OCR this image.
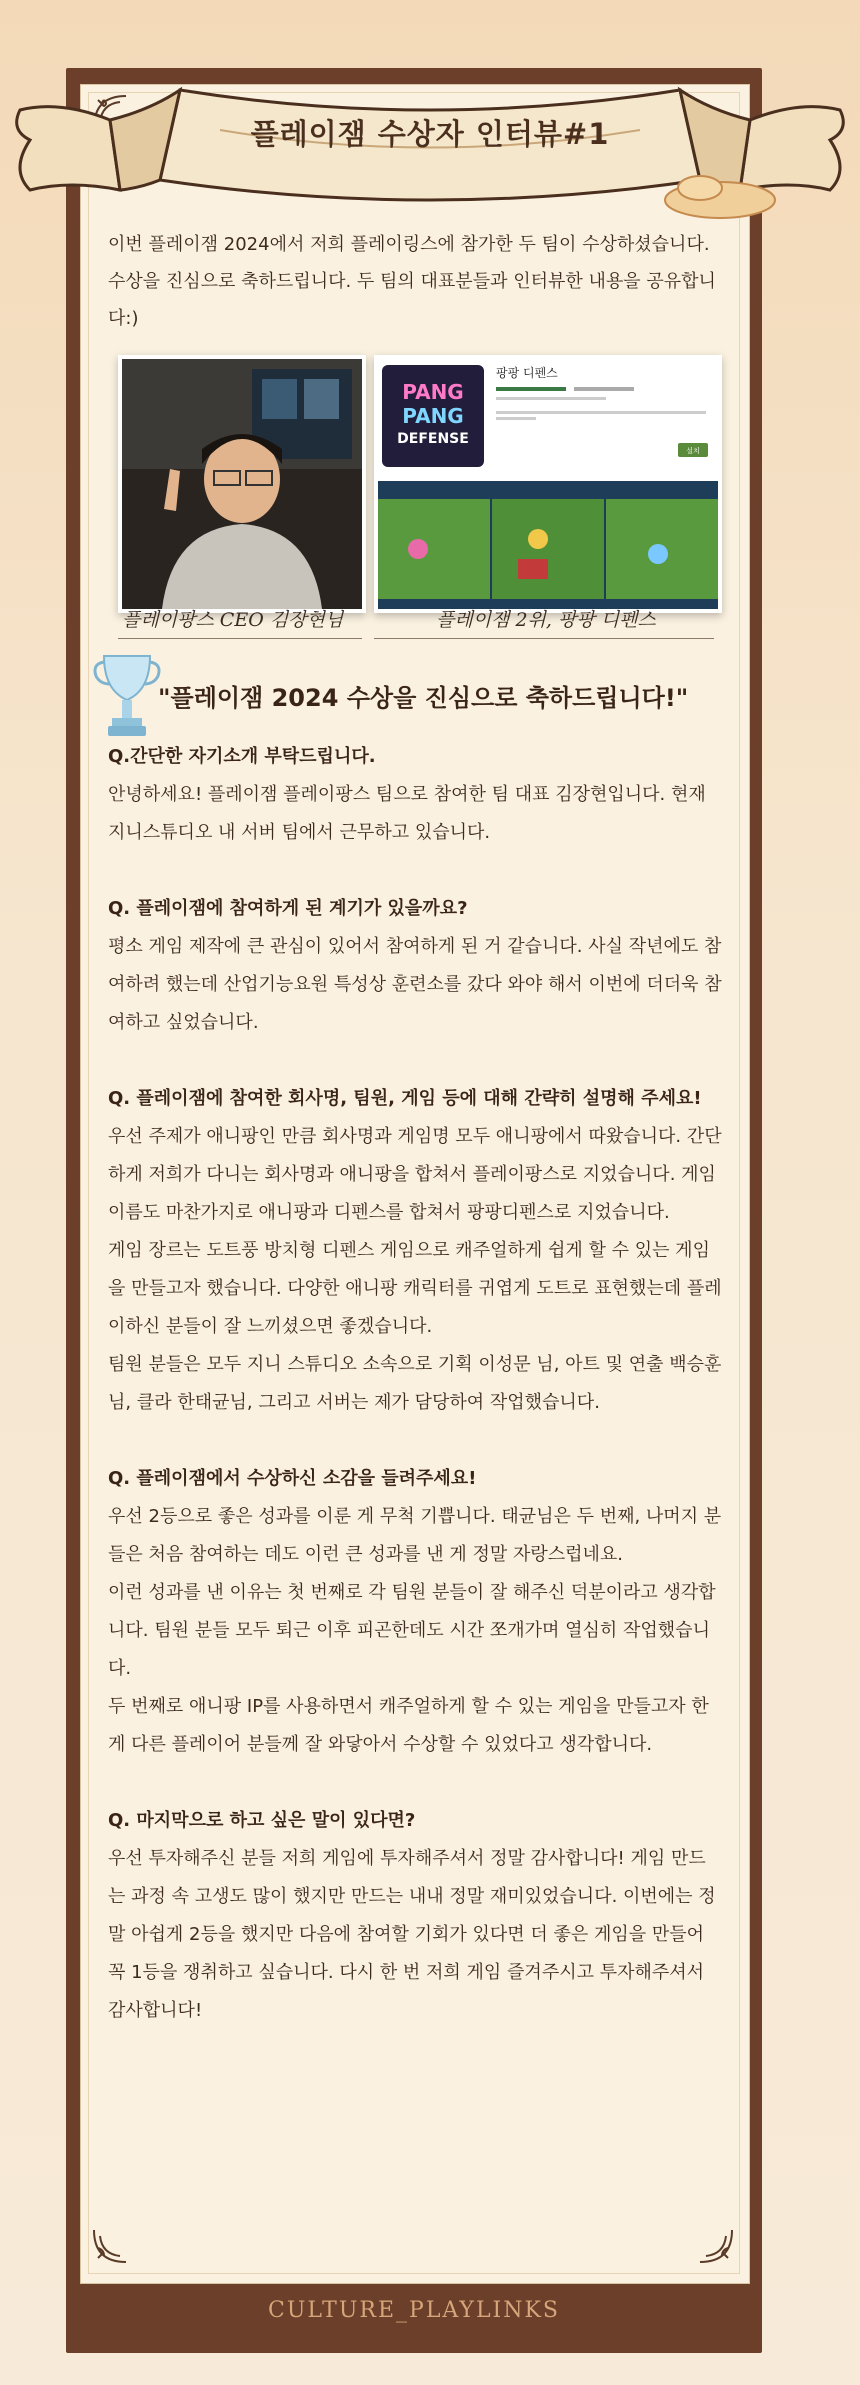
플레이잼 수상자 인터뷰#1
이번 플레이잼 2024에서 저희 플레이링스에 참가한 두 팀이 수상하셨습니다. 수상을 진심으로 축하드립니다. 두 팀의 대표분들과 인터뷰한 내용을 공유합니다:)
PANG
PANG
DEFENSE
팡팡 디펜스
설치
플레이팡스 CEO 김장현님	플레이잼 2위, 팡팡 디펜스
"플레이잼 2024 수상을 진심으로 축하드립니다!"
Q.간단한 자기소개 부탁드립니다.
안녕하세요! 플레이잼 플레이팡스 팀으로 참여한 팀 대표 김장현입니다. 현재 지니스튜디오 내 서버 팀에서 근무하고 있습니다.
Q. 플레이잼에 참여하게 된 계기가 있을까요?
평소 게임 제작에 큰 관심이 있어서 참여하게 된 거 같습니다. 사실 작년에도 참여하려 했는데 산업기능요원 특성상 훈련소를 갔다 와야 해서 이번에 더더욱 참여하고 싶었습니다.
Q. 플레이잼에 참여한 회사명, 팀원, 게임 등에 대해 간략히 설명해 주세요!
우선 주제가 애니팡인 만큼 회사명과 게임명 모두 애니팡에서 따왔습니다. 간단하게 저희가 다니는 회사명과 애니팡을 합쳐서 플레이팡스로 지었습니다. 게임 이름도 마찬가지로 애니팡과 디펜스를 합쳐서 팡팡디펜스로 지었습니다.
게임 장르는 도트풍 방치형 디펜스 게임으로 캐주얼하게 쉽게 할 수 있는 게임을 만들고자 했습니다. 다양한 애니팡 캐릭터를 귀엽게 도트로 표현했는데 플레이하신 분들이 잘 느끼셨으면 좋겠습니다.
팀원 분들은 모두 지니 스튜디오 소속으로 기획 이성문 님, 아트 및 연출 백승훈님, 클라 한태균님, 그리고 서버는 제가 담당하여 작업했습니다.
Q. 플레이잼에서 수상하신 소감을 들려주세요!
우선 2등으로 좋은 성과를 이룬 게 무척 기쁩니다. 태균님은 두 번째, 나머지 분들은 처음 참여하는 데도 이런 큰 성과를 낸 게 정말 자랑스럽네요.
이런 성과를 낸 이유는 첫 번째로 각 팀원 분들이 잘 해주신 덕분이라고 생각합니다. 팀원 분들 모두 퇴근 이후 피곤한데도 시간 쪼개가며 열심히 작업했습니다.
두 번째로 애니팡 IP를 사용하면서 캐주얼하게 할 수 있는 게임을 만들고자 한 게 다른 플레이어 분들께 잘 와닿아서 수상할 수 있었다고 생각합니다.
Q. 마지막으로 하고 싶은 말이 있다면?
우선 투자해주신 분들 저희 게임에 투자해주셔서 정말 감사합니다! 게임 만드는 과정 속 고생도 많이 했지만 만드는 내내 정말 재미있었습니다. 이번에는 정말 아쉽게 2등을 했지만 다음에 참여할 기회가 있다면 더 좋은 게임을 만들어 꼭 1등을 쟁취하고 싶습니다. 다시 한 번 저희 게임 즐겨주시고 투자해주셔서 감사합니다!
CULTURE_PLAYLINKS
